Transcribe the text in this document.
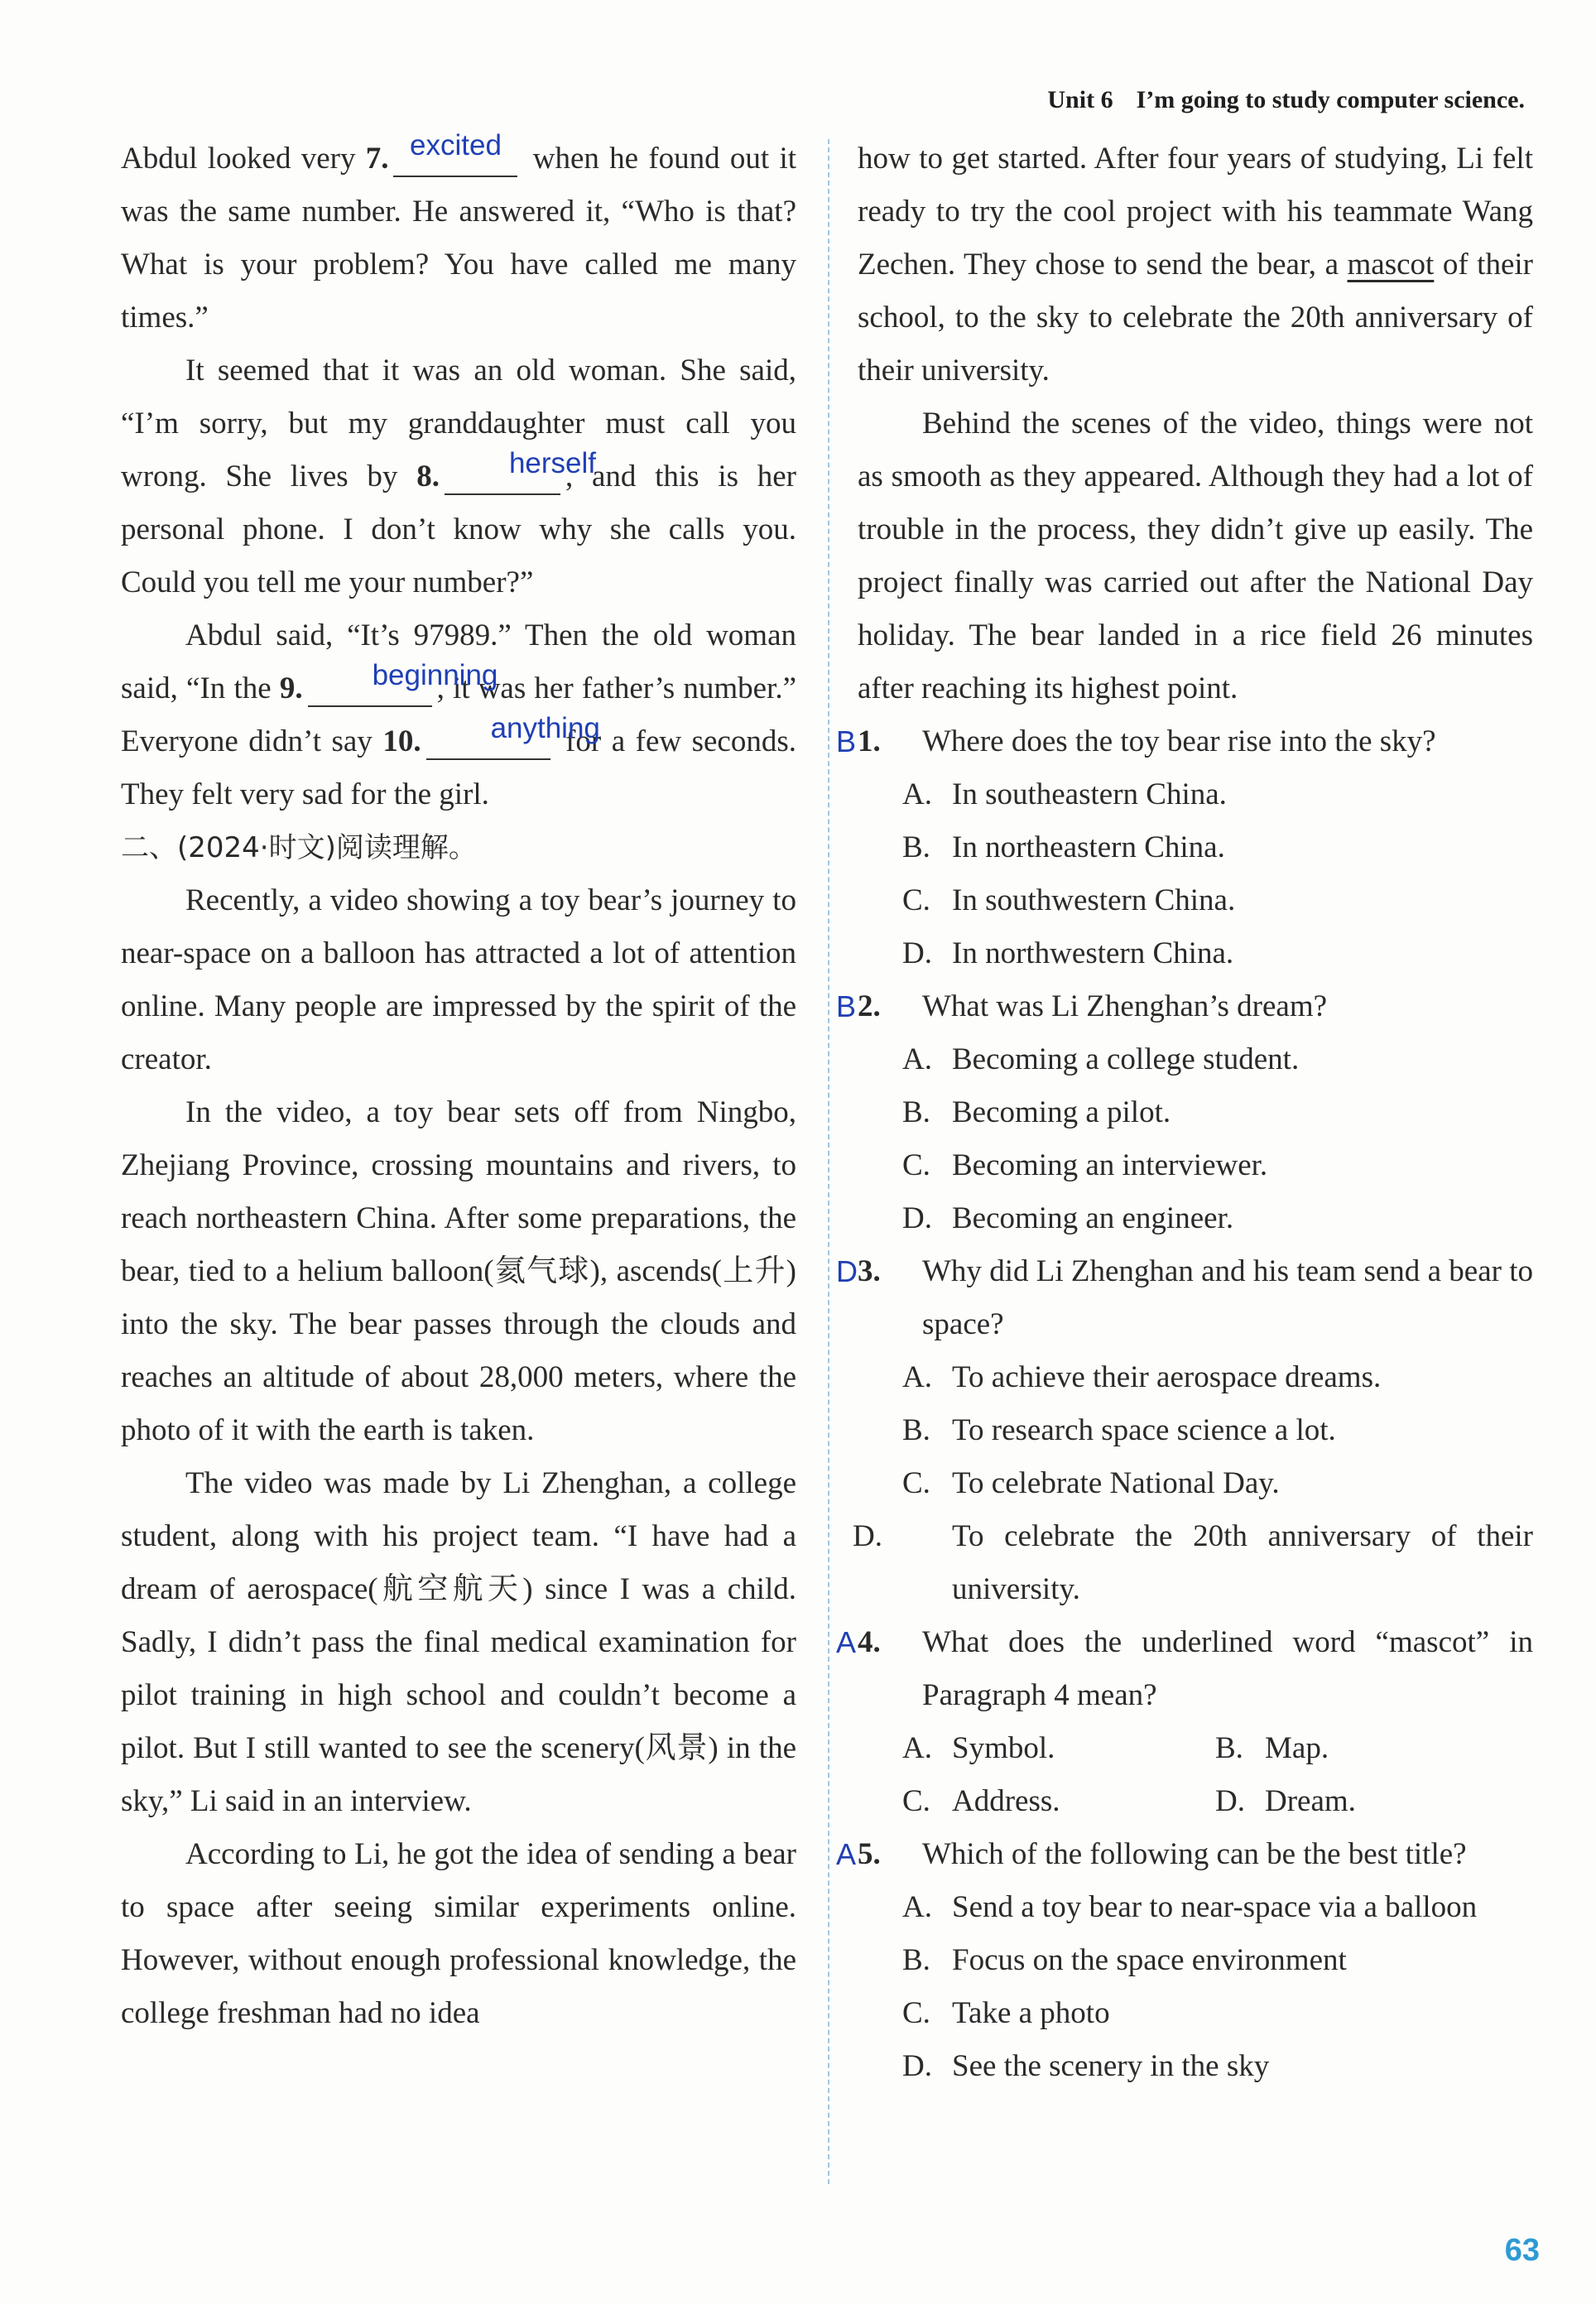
Unit 6 I’m going to study computer science.

Abdul looked very 7. excited when he found out it was the same number. He answered it, “Who is that? What is your problem? You have called me many times.”

It seemed that it was an old woman. She said, “I’m sorry, but my granddaughter must call you wrong. She lives by 8. herself, and this is her personal phone. I don’t know why she calls you. Could you tell me your number?”

Abdul said, “It’s 97989.” Then the old woman said, “In the 9. beginning, it was her father’s number.” Everyone didn’t say 10. anything for a few seconds. They felt very sad for the girl.

二、(2024·时文)阅读理解。

Recently, a video showing a toy bear’s journey to near-space on a balloon has attracted a lot of attention online. Many people are impressed by the spirit of the creator.

In the video, a toy bear sets off from Ningbo, Zhejiang Province, crossing mountains and rivers, to reach northeastern China. After some preparations, the bear, tied to a helium balloon(氦气球), ascends(上升) into the sky. The bear passes through the clouds and reaches an altitude of about 28,000 meters, where the photo of it with the earth is taken.

The video was made by Li Zhenghan, a college student, along with his project team. “I have had a dream of aerospace(航空航天) since I was a child. Sadly, I didn’t pass the final medical examination for pilot training in high school and couldn’t become a pilot. But I still wanted to see the scenery(风景) in the sky,” Li said in an interview.

According to Li, he got the idea of sending a bear to space after seeing similar experiments online. However, without enough professional knowledge, the college freshman had no idea

how to get started. After four years of studying, Li felt ready to try the cool project with his teammate Wang Zechen. They chose to send the bear, a mascot of their school, to the sky to celebrate the 20th anniversary of their university.

Behind the scenes of the video, things were not as smooth as they appeared. Although they had a lot of trouble in the process, they didn’t give up easily. The project finally was carried out after the National Day holiday. The bear landed in a rice field 26 minutes after reaching its highest point.

B 1. Where does the toy bear rise into the sky?

A. In southeastern China.

B. In northeastern China.

C. In southwestern China.

D. In northwestern China.

B 2. What was Li Zhenghan’s dream?

A. Becoming a college student.

B. Becoming a pilot.

C. Becoming an interviewer.

D. Becoming an engineer.

D 3. Why did Li Zhenghan and his team send a bear to space?

A. To achieve their aerospace dreams.

B. To research space science a lot.

C. To celebrate National Day.

D. To celebrate the 20th anniversary of their university.

A 4. What does the underlined word “mascot” in Paragraph 4 mean?

A. Symbol.	B. Map.
C. Address.	D. Dream.

A 5. Which of the following can be the best title?

A. Send a toy bear to near-space via a balloon

B. Focus on the space environment

C. Take a photo

D. See the scenery in the sky

63
